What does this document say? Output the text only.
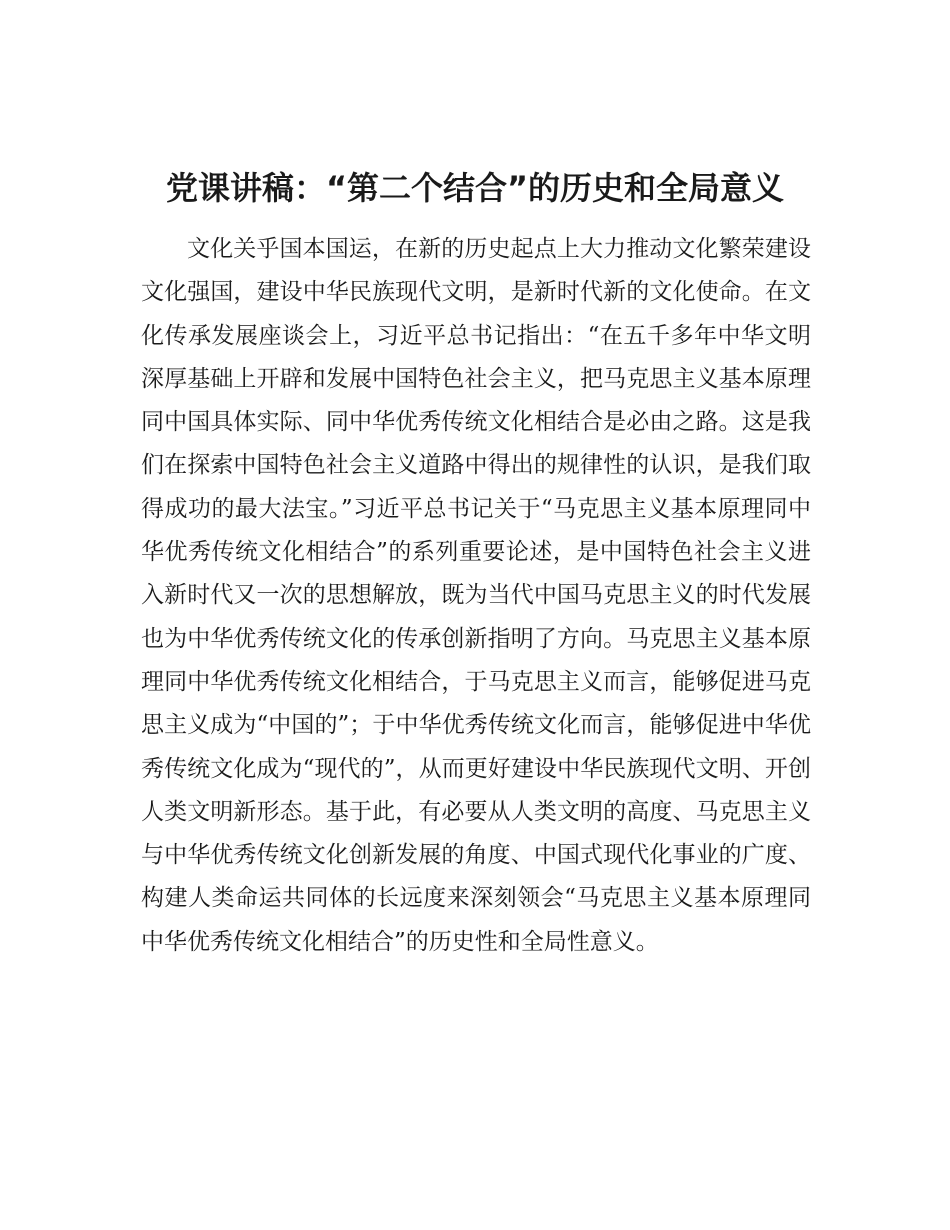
党课讲稿：“第二个结合”的历史和全局意义

文化关乎国本国运，在新的历史起点上大力推动文化繁荣建设文化强国，建设中华民族现代文明，是新时代新的文化使命。在文化传承发展座谈会上，习近平总书记指出：“在五千多年中华文明深厚基础上开辟和发展中国特色社会主义，把马克思主义基本原理同中国具体实际、同中华优秀传统文化相结合是必由之路。这是我们在探索中国特色社会主义道路中得出的规律性的认识，是我们取得成功的最大法宝。”习近平总书记关于“马克思主义基本原理同中华优秀传统文化相结合”的系列重要论述，是中国特色社会主义进入新时代又一次的思想解放，既为当代中国马克思主义的时代发展也为中华优秀传统文化的传承创新指明了方向。马克思主义基本原理同中华优秀传统文化相结合，于马克思主义而言，能够促进马克思主义成为“中国的”；于中华优秀传统文化而言，能够促进中华优秀传统文化成为“现代的”，从而更好建设中华民族现代文明、开创人类文明新形态。基于此，有必要从人类文明的高度、马克思主义与中华优秀传统文化创新发展的角度、中国式现代化事业的广度、构建人类命运共同体的长远度来深刻领会“马克思主义基本原理同中华优秀传统文化相结合”的历史性和全局性意义。
